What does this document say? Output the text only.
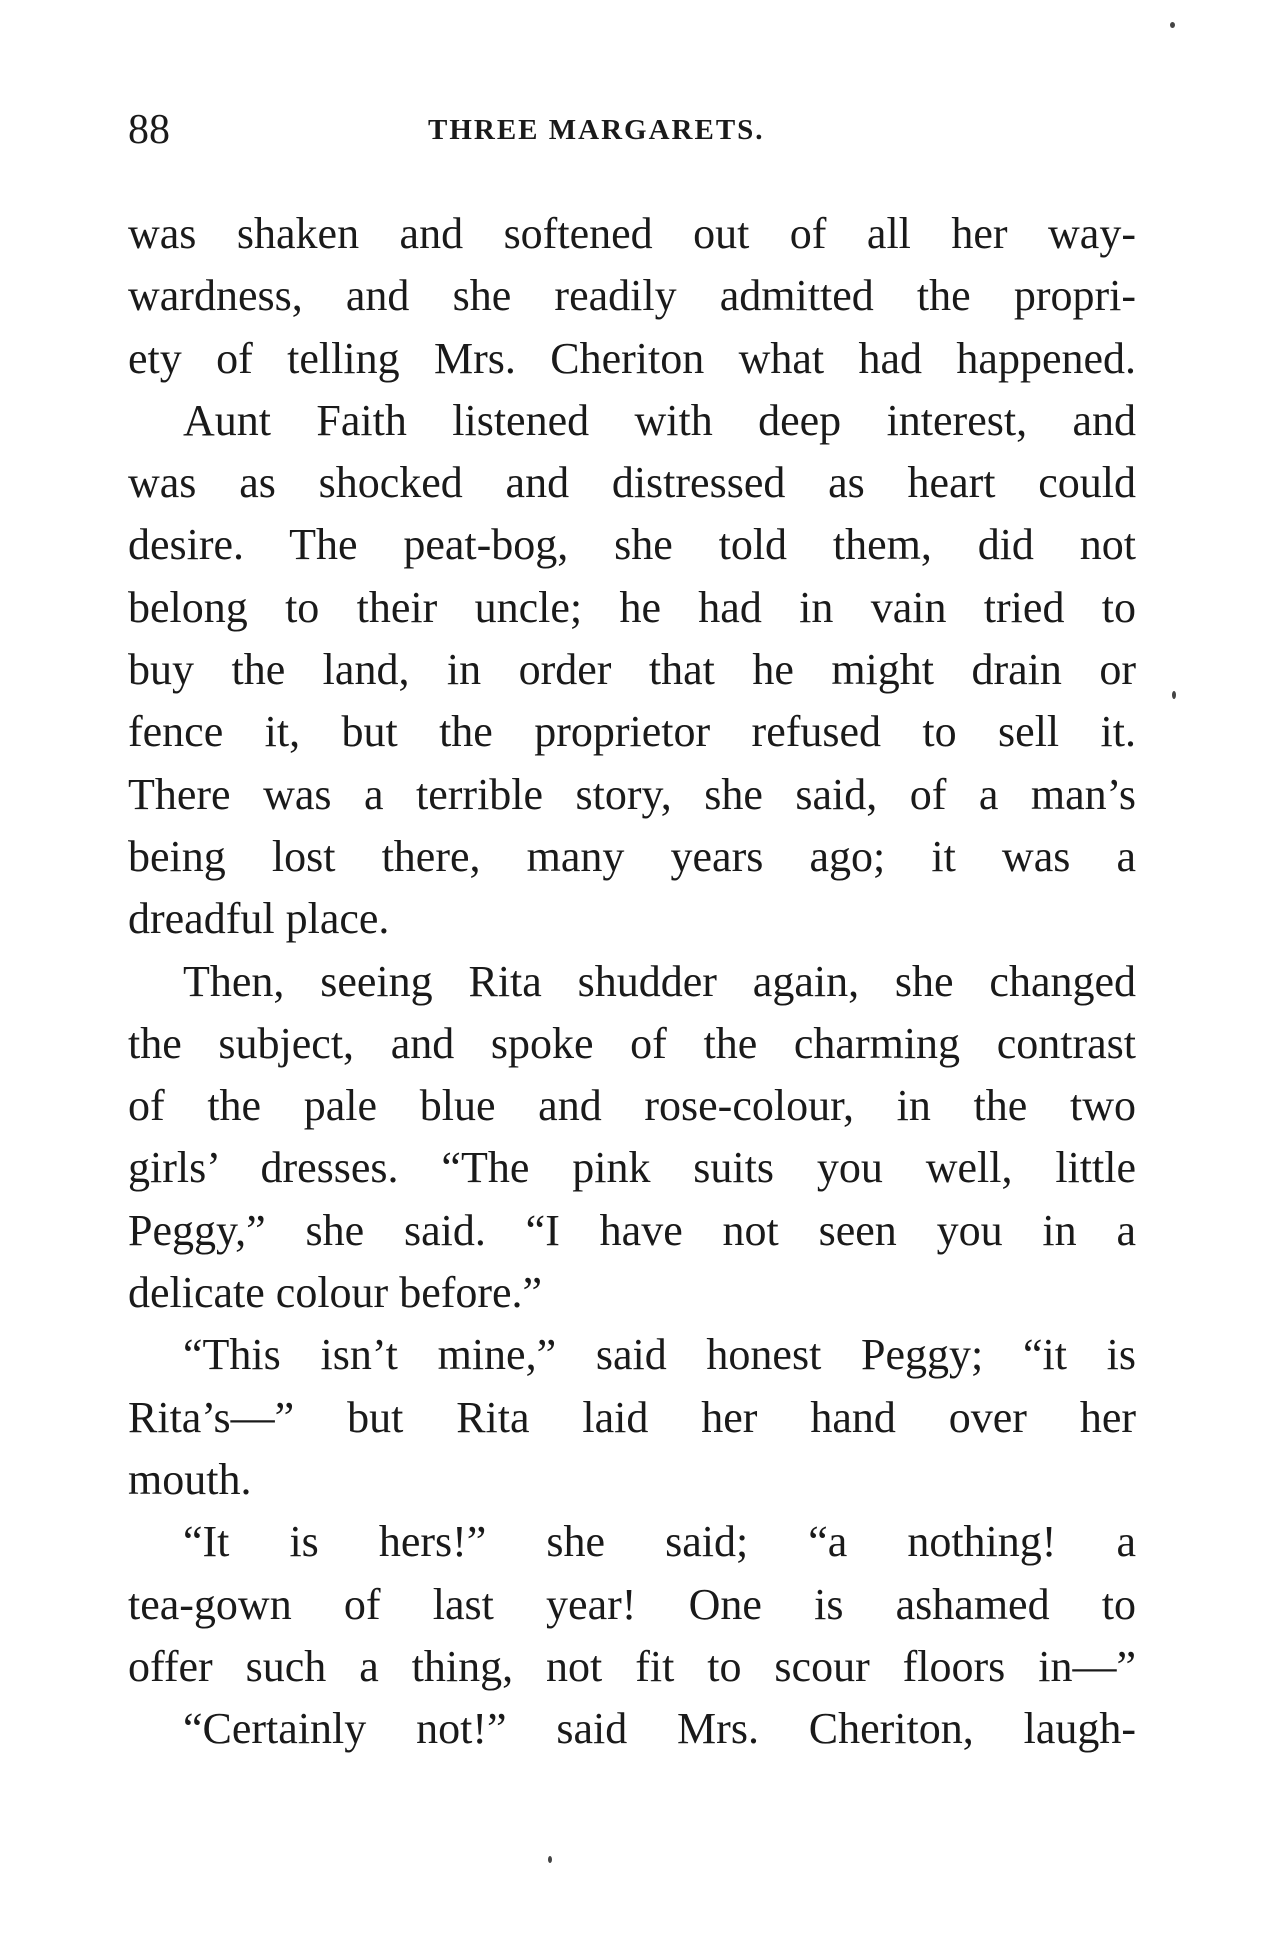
88	THREE MARGARETS.
was shaken and softened out of all her way-
wardness, and she readily admitted the propri-
ety of telling Mrs. Cheriton what had happened.
Aunt Faith listened with deep interest, and
was as shocked and distressed as heart could
desire. The peat-bog, she told them, did not
belong to their uncle; he had in vain tried to
buy the land, in order that he might drain or
fence it, but the proprietor refused to sell it.
There was a terrible story, she said, of a man’s
being lost there, many years ago; it was a
dreadful place.
Then, seeing Rita shudder again, she changed
the subject, and spoke of the charming contrast
of the pale blue and rose-colour, in the two
girls’ dresses. “The pink suits you well, little
Peggy,” she said. “I have not seen you in a
delicate colour before.”
“This isn’t mine,” said honest Peggy; “it is
Rita’s—” but Rita laid her hand over her
mouth.
“It is hers!” she said; “a nothing! a
tea-gown of last year! One is ashamed to
offer such a thing, not fit to scour floors in—”
“Certainly not!” said Mrs. Cheriton, laugh-
